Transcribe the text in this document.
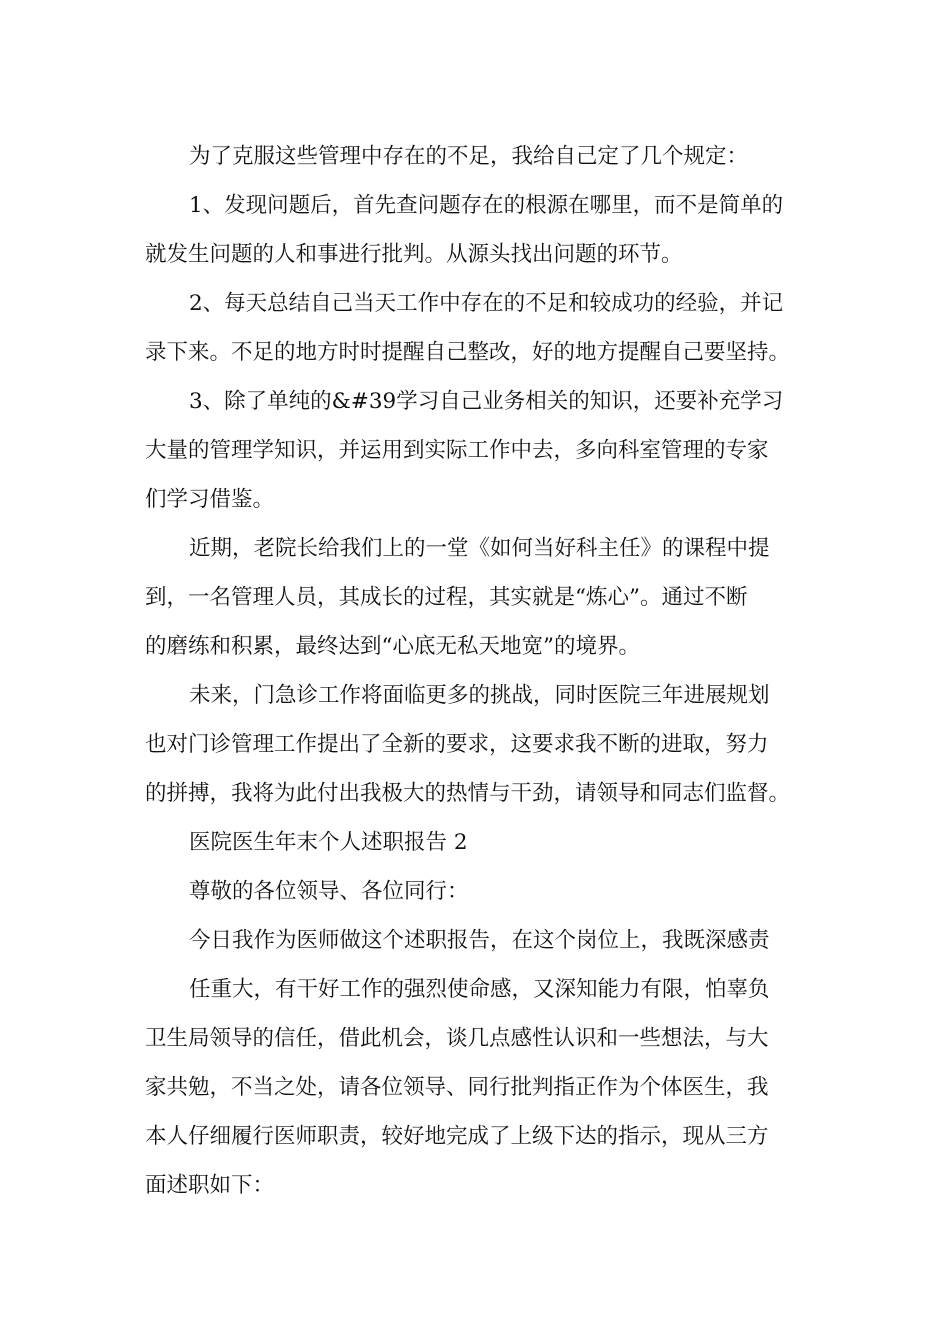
为了克服这些管理中存在的不足，我给自己定了几个规定：

1、发现问题后，首先查问题存在的根源在哪里，而不是简单的
就发生问题的人和事进行批判。从源头找出问题的环节。

2、每天总结自己当天工作中存在的不足和较成功的经验，并记
录下来。不足的地方时时提醒自己整改，好的地方提醒自己要坚持。

3、除了单纯的&#39学习自己业务相关的知识，还要补充学习
大量的管理学知识，并运用到实际工作中去，多向科室管理的专家
们学习借鉴。

近期，老院长给我们上的一堂《如何当好科主任》的课程中提
到，一名管理人员，其成长的过程，其实就是“炼心”。通过不断
的磨练和积累，最终达到“心底无私天地宽”的境界。

未来，门急诊工作将面临更多的挑战，同时医院三年进展规划
也对门诊管理工作提出了全新的要求，这要求我不断的进取，努力
的拼搏，我将为此付出我极大的热情与干劲，请领导和同志们监督。

医院医生年末个人述职报告 2

尊敬的各位领导、各位同行：

今日我作为医师做这个述职报告，在这个岗位上，我既深感责

任重大，有干好工作的强烈使命感，又深知能力有限，怕辜负
卫生局领导的信任，借此机会，谈几点感性认识和一些想法，与大
家共勉，不当之处，请各位领导、同行批判指正作为个体医生，我
本人仔细履行医师职责，较好地完成了上级下达的指示，现从三方
面述职如下：
